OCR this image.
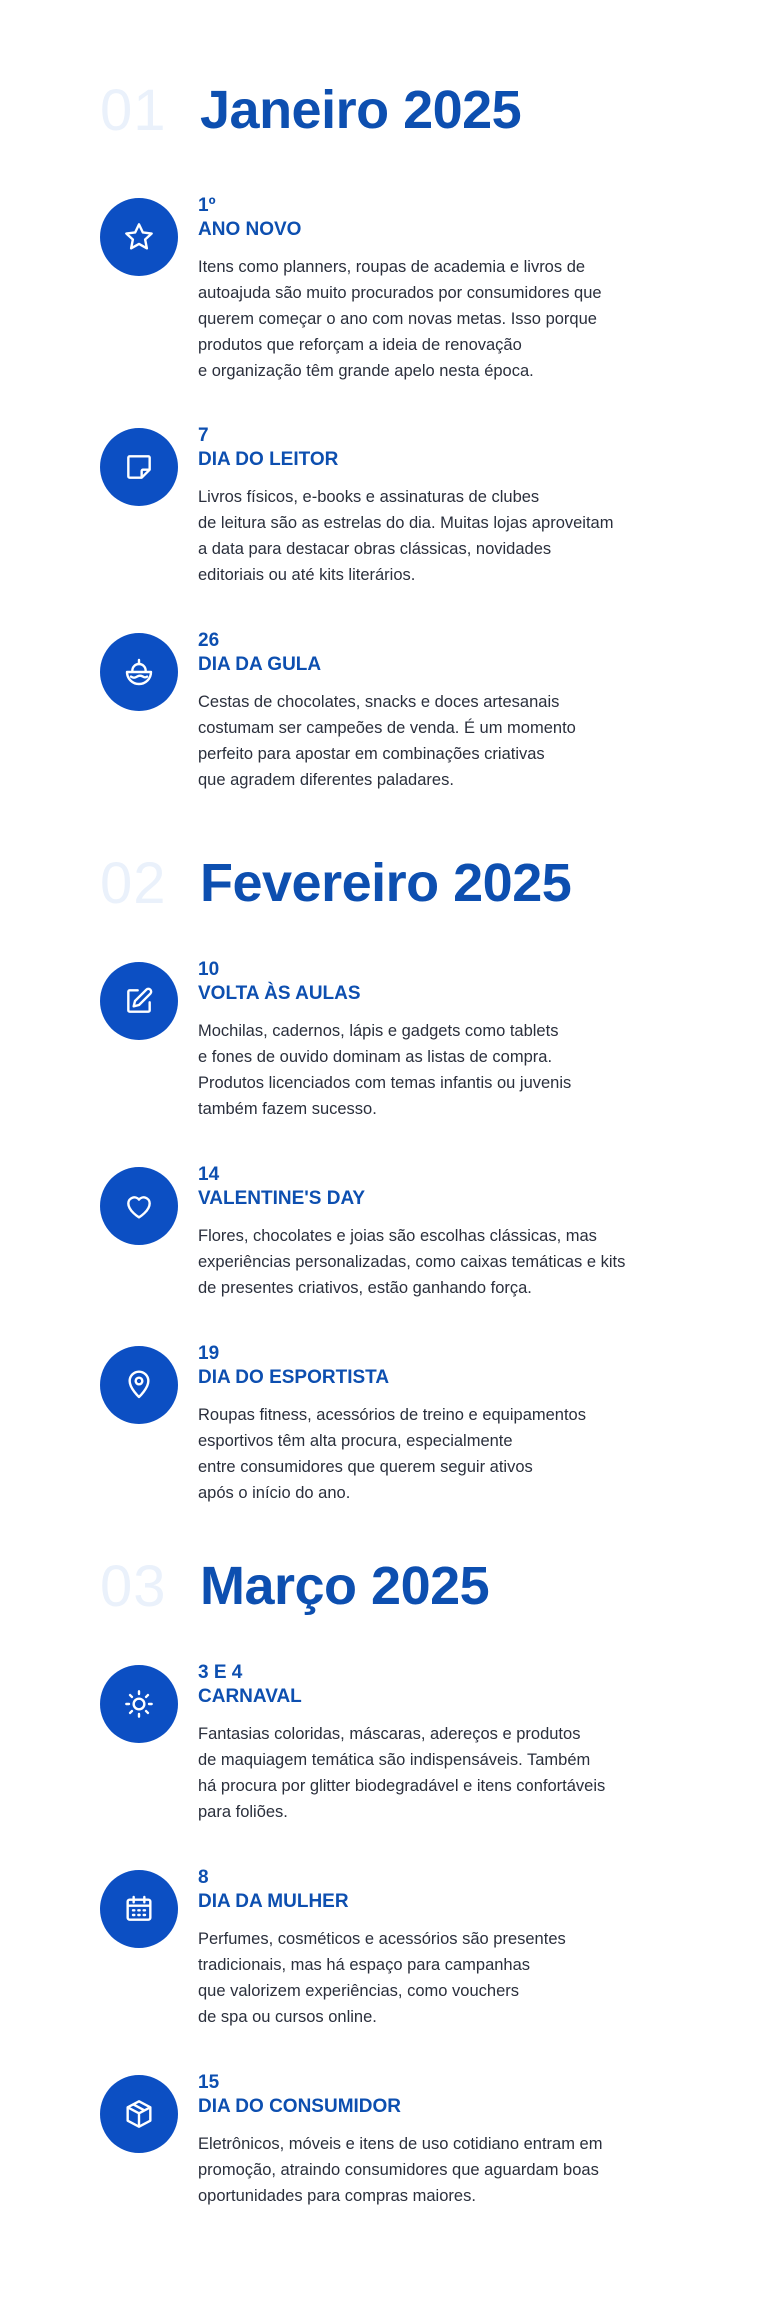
01 Janeiro 2025
1º
ANO NOVO
Itens como planners, roupas de academia e livros de
autoajuda são muito procurados por consumidores que
querem começar o ano com novas metas. Isso porque
produtos que reforçam a ideia de renovação
e organização têm grande apelo nesta época.
7
DIA DO LEITOR
Livros físicos, e-books e assinaturas de clubes
de leitura são as estrelas do dia. Muitas lojas aproveitam
a data para destacar obras clássicas, novidades
editoriais ou até kits literários.
26
DIA DA GULA
Cestas de chocolates, snacks e doces artesanais
costumam ser campeões de venda. É um momento
perfeito para apostar em combinações criativas
que agradem diferentes paladares.
02 Fevereiro 2025
10
VOLTA ÀS AULAS
Mochilas, cadernos, lápis e gadgets como tablets
e fones de ouvido dominam as listas de compra.
Produtos licenciados com temas infantis ou juvenis
também fazem sucesso.
14
VALENTINE'S DAY
Flores, chocolates e joias são escolhas clássicas, mas
experiências personalizadas, como caixas temáticas e kits
de presentes criativos, estão ganhando força.
19
DIA DO ESPORTISTA
Roupas fitness, acessórios de treino e equipamentos
esportivos têm alta procura, especialmente
entre consumidores que querem seguir ativos
após o início do ano.
03 Março 2025
3 E 4
CARNAVAL
Fantasias coloridas, máscaras, adereços e produtos
de maquiagem temática são indispensáveis. Também
há procura por glitter biodegradável e itens confortáveis
para foliões.
8
DIA DA MULHER
Perfumes, cosméticos e acessórios são presentes
tradicionais, mas há espaço para campanhas
que valorizem experiências, como vouchers
de spa ou cursos online.
15
DIA DO CONSUMIDOR
Eletrônicos, móveis e itens de uso cotidiano entram em
promoção, atraindo consumidores que aguardam boas
oportunidades para compras maiores.
